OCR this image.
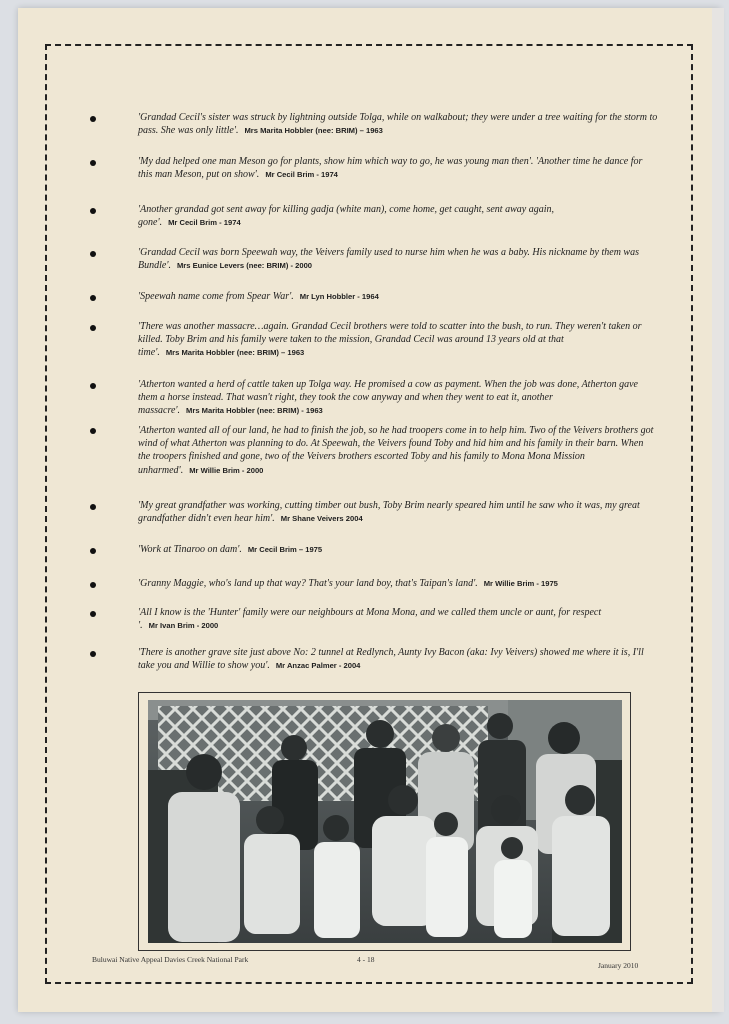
'Grandad Cecil's sister was struck by lightning outside Tolga, while on walkabout; they were under a tree waiting for the storm to pass. She was only little'. Mrs Marita Hobbler (nee: BRIM) – 1963
'My dad helped one man Meson go for plants, show him which way to go, he was young man then'. 'Another time he dance for this man Meson, put on show'. Mr Cecil Brim - 1974
'Another grandad got sent away for killing gadja (white man), come home, get caught, sent away again, gone'. Mr Cecil Brim - 1974
'Grandad Cecil was born Speewah way, the Veivers family used to nurse him when he was a baby. His nickname by them was Bundle'. Mrs Eunice Levers (nee: BRIM) - 2000
'Speewah name come from Spear War'. Mr Lyn Hobbler - 1964
'There was another massacre…again. Grandad Cecil brothers were told to scatter into the bush, to run. They weren't taken or killed. Toby Brim and his family were taken to the mission, Grandad Cecil was around 13 years old at that time'. Mrs Marita Hobbler (nee: BRIM) – 1963
'Atherton wanted a herd of cattle taken up Tolga way. He promised a cow as payment. When the job was done, Atherton gave them a horse instead. That wasn't right, they took the cow anyway and when they went to eat it, another massacre'. Mrs Marita Hobbler (nee: BRIM) - 1963
'Atherton wanted all of our land, he had to finish the job, so he had troopers come in to help him. Two of the Veivers brothers got wind of what Atherton was planning to do. At Speewah, the Veivers found Toby and hid him and his family in their barn. When the troopers finished and gone, two of the Veivers brothers escorted Toby and his family to Mona Mona Mission unharmed'. Mr Willie Brim - 2000
'My great grandfather was working, cutting timber out bush, Toby Brim nearly speared him until he saw who it was, my great grandfather didn't even hear him'. Mr Shane Veivers 2004
'Work at Tinaroo on dam'. Mr Cecil Brim – 1975
'Granny Maggie, who's land up that way? That's your land boy, that's Taipan's land'. Mr Willie Brim - 1975
'All I know is the 'Hunter' family were our neighbours at Mona Mona, and we called them uncle or aunt, for respect '. Mr Ivan Brim - 2000
'There is another grave site just above No: 2 tunnel at Redlynch, Aunty Ivy Bacon (aka: Ivy Veivers) showed me where it is, I'll take you and Willie to show you'. Mr Anzac Palmer - 2004
Buluwai Native Appeal Davies Creek National Park	4 - 18
January 2010
